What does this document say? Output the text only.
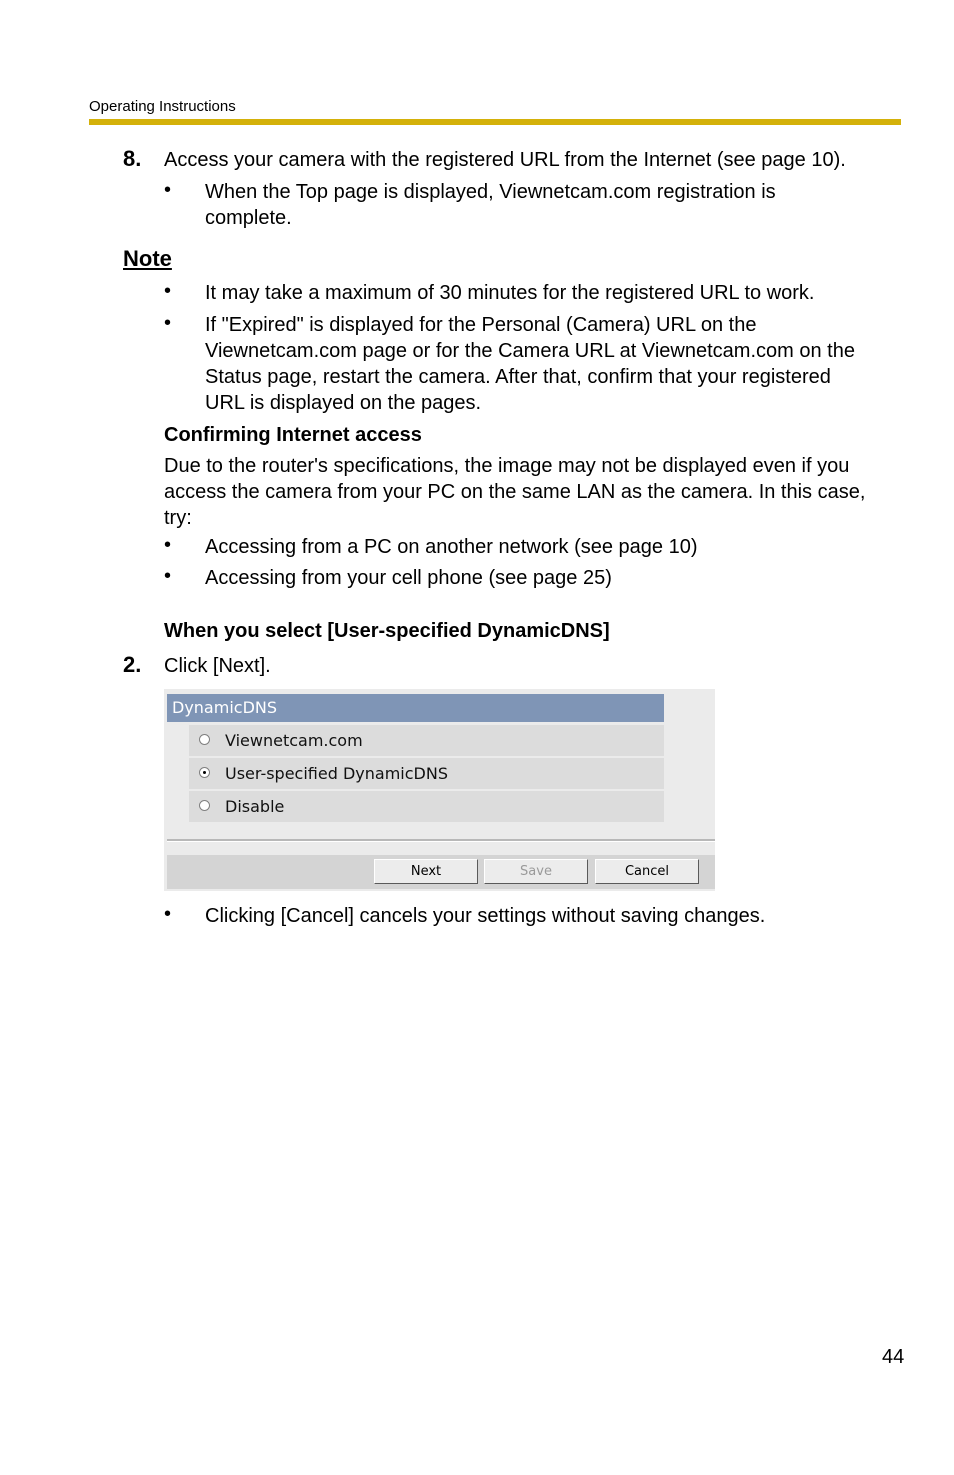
Operating Instructions
8. Access your camera with the registered URL from the Internet (see page 10).
• When the Top page is displayed, Viewnetcam.com registration is
complete.
Note
• It may take a maximum of 30 minutes for the registered URL to work.
• If "Expired" is displayed for the Personal (Camera) URL on the
Viewnetcam.com page or for the Camera URL at Viewnetcam.com on the
Status page, restart the camera. After that, confirm that your registered
URL is displayed on the pages.
Confirming Internet access
Due to the router's specifications, the image may not be displayed even if you
access the camera from your PC on the same LAN as the camera. In this case,
try:
• Accessing from a PC on another network (see page 10)
• Accessing from your cell phone (see page 25)
When you select [User-specified DynamicDNS]
2. Click [Next].
DynamicDNS
Viewnetcam.com
User-specified DynamicDNS
Disable
Next	Save	Cancel
• Clicking [Cancel] cancels your settings without saving changes.
44
